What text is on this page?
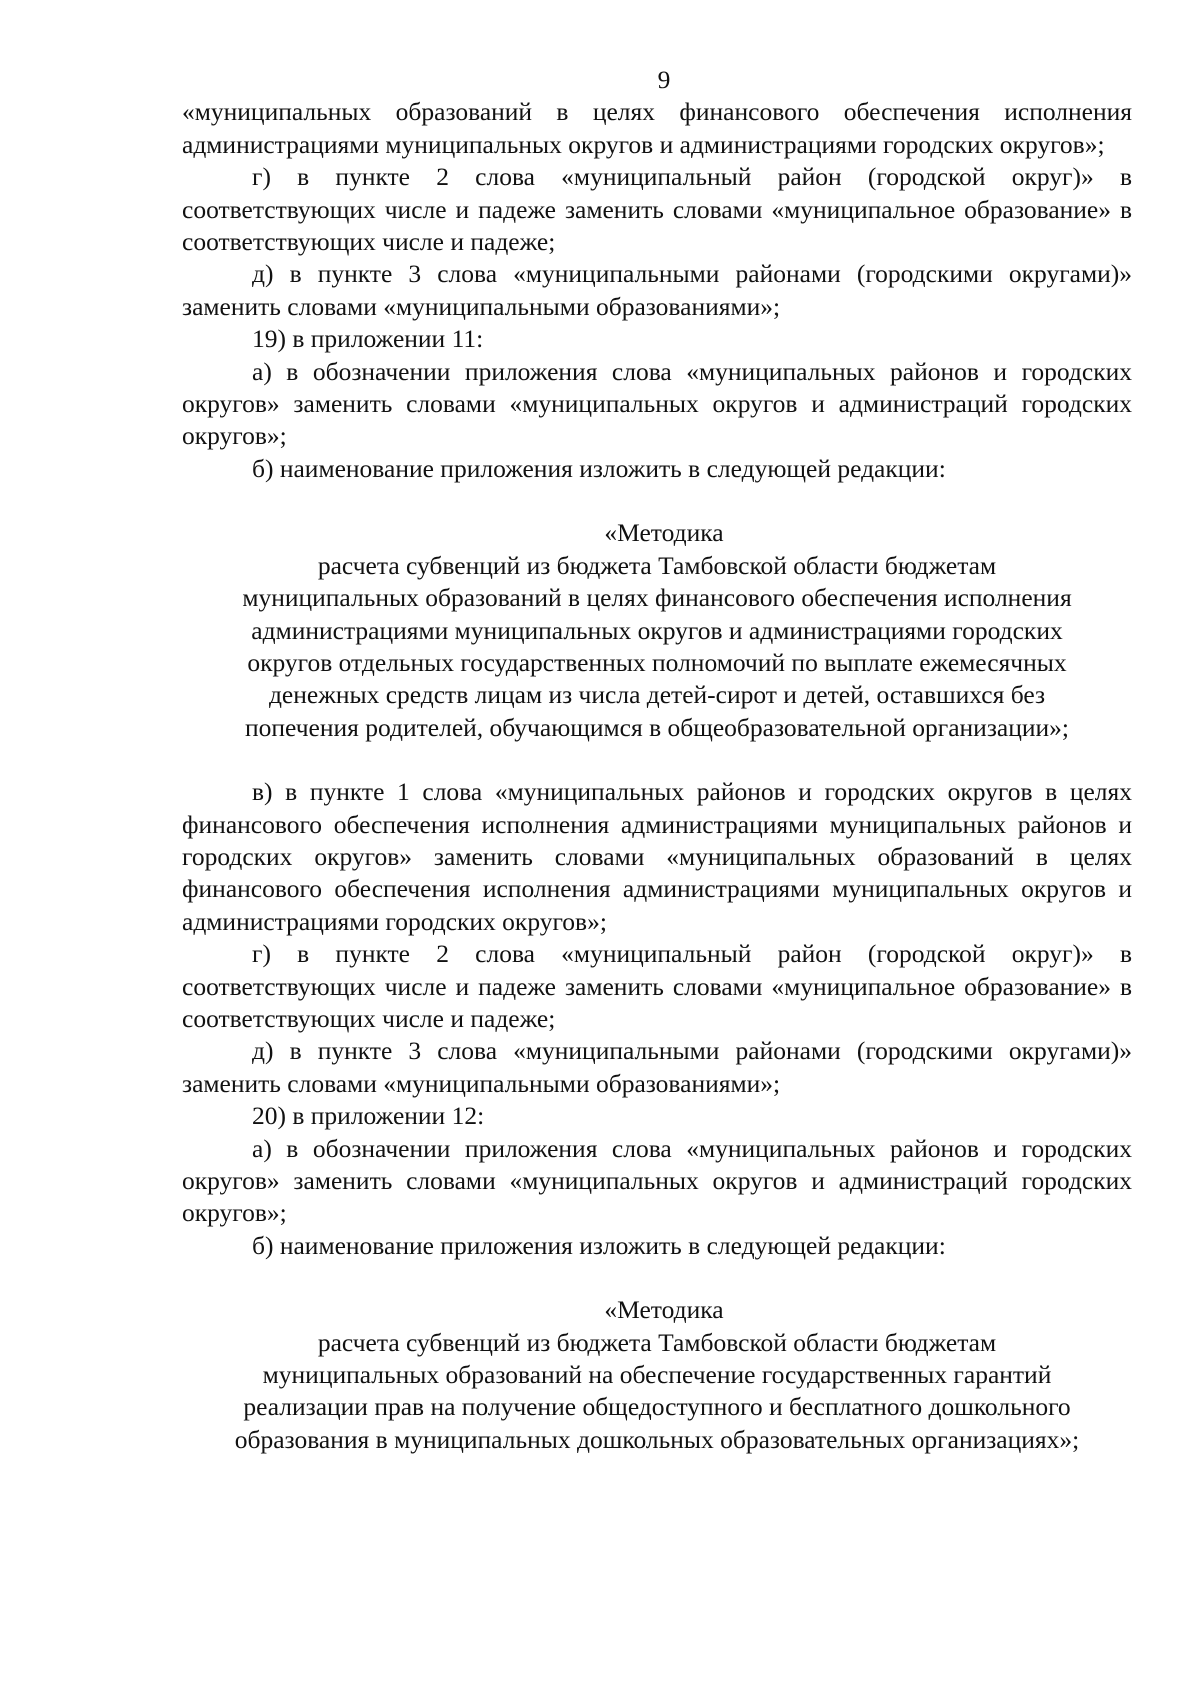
9

«муниципальных образований в целях финансового обеспечения исполнения администрациями муниципальных округов и администрациями городских округов»;

г) в пункте 2 слова «муниципальный район (городской округ)» в соответствующих числе и падеже заменить словами «муниципальное образование» в соответствующих числе и падеже;

д) в пункте 3 слова «муниципальными районами (городскими округами)» заменить словами «муниципальными образованиями»;

19) в приложении 11:

а) в обозначении приложения слова «муниципальных районов и городских округов» заменить словами «муниципальных округов и администраций городских округов»;

б) наименование приложения изложить в следующей редакции:

«Методика

расчета субвенций из бюджета Тамбовской области бюджетам

муниципальных образований в целях финансового обеспечения исполнения

администрациями муниципальных округов и администрациями городских

округов отдельных государственных полномочий по выплате ежемесячных

денежных средств лицам из числа детей-сирот и детей, оставшихся без

попечения родителей, обучающимся в общеобразовательной организации»;

в) в пункте 1 слова «муниципальных районов и городских округов в целях финансового обеспечения исполнения администрациями муниципальных районов и городских округов» заменить словами «муниципальных образований в целях финансового обеспечения исполнения администрациями муниципальных округов и администрациями городских округов»;

г) в пункте 2 слова «муниципальный район (городской округ)» в соответствующих числе и падеже заменить словами «муниципальное образование» в соответствующих числе и падеже;

д) в пункте 3 слова «муниципальными районами (городскими округами)» заменить словами «муниципальными образованиями»;

20) в приложении 12:

а) в обозначении приложения слова «муниципальных районов и городских округов» заменить словами «муниципальных округов и администраций городских округов»;

б) наименование приложения изложить в следующей редакции:

«Методика

расчета субвенций из бюджета Тамбовской области бюджетам

муниципальных образований на обеспечение государственных гарантий

реализации прав на получение общедоступного и бесплатного дошкольного

образования в муниципальных дошкольных образовательных организациях»;
